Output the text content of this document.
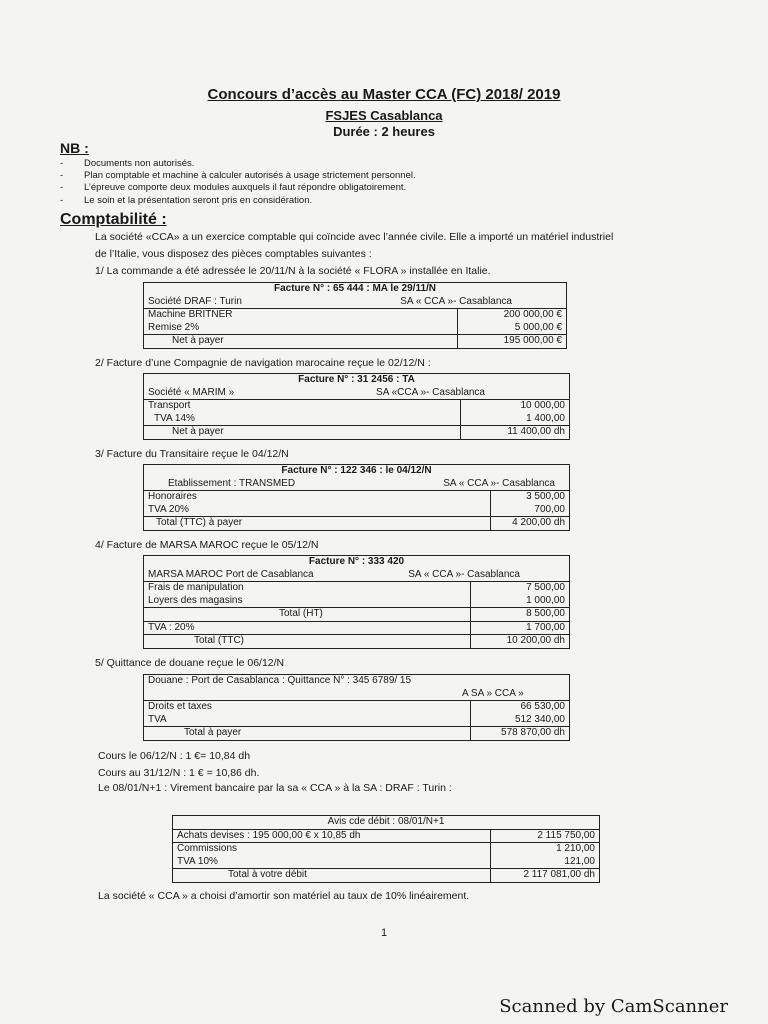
Concours d’accès au Master CCA (FC) 2018/ 2019
FSJES Casablanca
Durée : 2 heures
NB :
- Documents non autorisés.
- Plan comptable et machine à calculer autorisés à usage strictement personnel.
- L’épreuve comporte deux modules auxquels il faut répondre obligatoirement.
- Le soin et la présentation seront pris en considération.
Comptabilité :
La société «CCA» a un exercice comptable qui coïncide avec l’année civile. Elle a importé un matériel industriel
de l’Italie, vous disposez des pièces comptables suivantes :
1/ La commande a été adressée le 20/11/N à la société « FLORA » installée en Italie.
Facture N° : 65 444 : MA le 29/11/N	

Société DRAF : Turin SA « CCA »- Casablanca	

Machine BRITNER	200 000,00 €
Remise 2%	5 000,00 €
Net à payer	195 000,00 €
2/ Facture d’une Compagnie de navigation marocaine reçue le 02/12/N :
Facture N° : 31 2456 : TA	

Société « MARIM » SA «CCA »- Casablanca	

Transport	10 000,00
TVA 14%	1 400,00
Net à payer	11 400,00 dh
3/ Facture du Transitaire reçue le 04/12/N
Facture N° : 122 346 : le 04/12/N	

Etablissement : TRANSMED SA « CCA »- Casablanca	

Honoraires	3 500,00
TVA 20%	700,00
Total (TTC) à payer	4 200,00 dh
4/ Facture de MARSA MAROC reçue le 05/12/N
Facture N° : 333 420	

MARSA MAROC Port de Casablanca SA « CCA »- Casablanca	

Frais de manipulation	7 500,00
Loyers des magasins	1 000,00
Total (HT)	8 500,00
TVA : 20%	1 700,00
Total (TTC)	10 200,00 dh
5/ Quittance de douane reçue le 06/12/N
Douane : Port de Casablanca : Quittance N° : 345 6789/ 15	
A SA » CCA »	
Droits et taxes	66 530,00
TVA	512 340,00
Total à payer	578 870,00 dh
Cours le 06/12/N : 1 €= 10,84 dh
Cours au 31/12/N : 1 € = 10,86 dh.
Le 08/01/N+1 : Virement bancaire par la sa « CCA » à la SA : DRAF : Turin :
Avis cde débit : 08/01/N+1	
Achats devises : 195 000,00 € x 10,85 dh	2 115 750,00
Commissions	1 210,00
TVA 10%	121,00
Total à votre débit	2 117 081,00 dh
La société « CCA » a choisi d’amortir son matériel au taux de 10% linéairement.
1
Scanned by CamScanner
